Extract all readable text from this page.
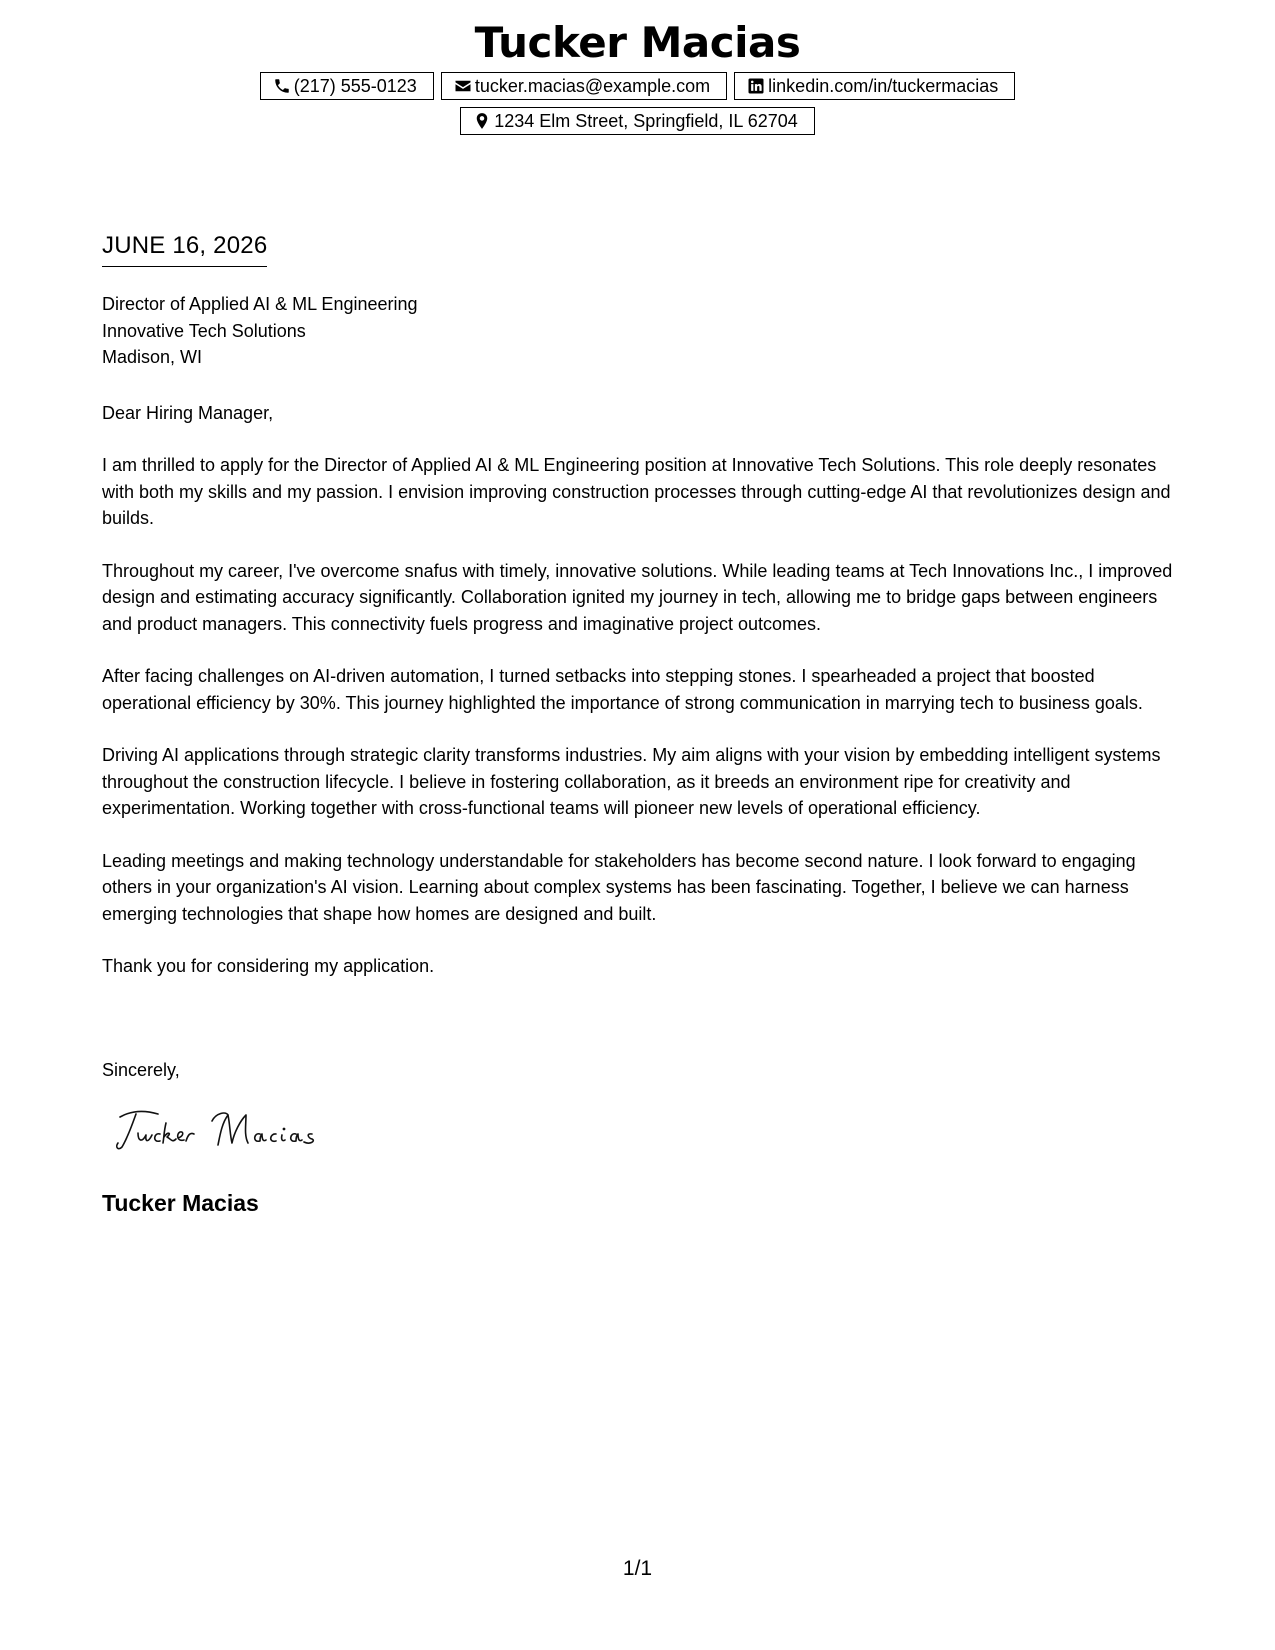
Tucker Macias
(217) 555-0123	tucker.macias@example.com	linkedin.com/in/tuckermacias
1234 Elm Street, Springfield, IL 62704
JUNE 16, 2026
Director of Applied AI & ML Engineering
Innovative Tech Solutions
Madison, WI
Dear Hiring Manager,

I am thrilled to apply for the Director of Applied AI & ML Engineering position at Innovative Tech Solutions. This role deeply resonates with both my skills and my passion. I envision improving construction processes through cutting-edge AI that revolutionizes design and builds.

Throughout my career, I've overcome snafus with timely, innovative solutions. While leading teams at Tech Innovations Inc., I improved design and estimating accuracy significantly. Collaboration ignited my journey in tech, allowing me to bridge gaps between engineers and product managers. This connectivity fuels progress and imaginative project outcomes.

After facing challenges on AI-driven automation, I turned setbacks into stepping stones. I spearheaded a project that boosted operational efficiency by 30%. This journey highlighted the importance of strong communication in marrying tech to business goals.

Driving AI applications through strategic clarity transforms industries. My aim aligns with your vision by embedding intelligent systems throughout the construction lifecycle. I believe in fostering collaboration, as it breeds an environment ripe for creativity and experimentation. Working together with cross-functional teams will pioneer new levels of operational efficiency.

Leading meetings and making technology understandable for stakeholders has become second nature. I look forward to engaging others in your organization's AI vision. Learning about complex systems has been fascinating. Together, I believe we can harness emerging technologies that shape how homes are designed and built.

Thank you for considering my application.

Sincerely,
Tucker Macias
1/1
